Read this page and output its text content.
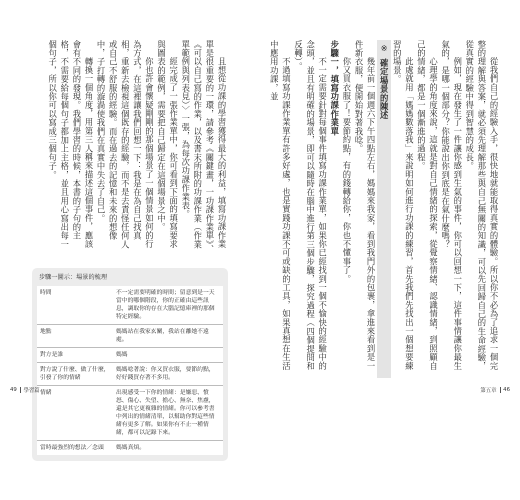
且想從功課的學習獲得最大的利益，填寫功課作業單是很重要的一環，請參考《關鍵畫，一功課作業單》、《可以自己寫的作業，以及書末所附的功課作業（作業單範例與列表見）〉一張，為每次功課作業表。

經完成了一張作業單中，你可看到下面的填寫要求與圖表的範例，需要把自己歸定在這個場景之中。

你也許會懷疑剛剛的那個場景了一個情景如何的行為方式，在這裡讓我們回想一下：我是在為自己找真相，重新去檢視這個既存的經驗，而不是去責怪任何人或自己不舒服的經驗。而在過去的記憶和未來的想像中，子打轉的漩渦使我們在真實中失去了自己。

轉換一個角度，用第三人稱來描述這個事件，應該會有不同的發現。我們學習的時候，本書的子句的主格，不需要給每個句子都加上主格，並且用心寫出每一個句子，所以你可以寫成三個句子。

步驟一圖示：場景的梳理
時間	不一定需要明確的時間；留意到是一天當中的哪個階段，你的正確由這些訊息，調取你的存在大腦記憶庫裡的那個特定經驗。
地點	媽媽站在我家玄關，我站在離她不遠處。
對方是誰	媽媽
對方說了什麼、做了什麼，引發了你的情緒	媽媽唸著說：你又買衣服，要節約點，好好錢買存著不多用。
情緒	出現感受一下你的情緒：是嫌惡、憤怒、傷心、失望、擔心、無奈、焦慮，還是其它更複雜的情緒。你可以參考書中列出的情緒清單，以幫助你對這些情緒有更多了解。如果你有不止一種情緒，都可以記錄下來。
當時最強烈的想法／念頭	媽媽真煩。
49 學習篇

從我們自己的經驗入手，很快地就能取得真實的體驗。所以你不必為了追求一個完整的理解與答案，就必須先理解那些與自己無關的知識，可以先回歸自己的生命經驗，從真實的經驗中得到智慧的成長。

例如，現在發生了一件讓你感到生氣的事件，你可以回想一下，這件事情讓你最生氣的，是哪一個部分？你能說出你到底是在氣什麼嗎？

心理學的角度來說，這就是對自己情緒的探索，從覺察情緒、認識情緒，到照顧自己的情緒，都是一個漸進的過程。

此處就用「媽媽數落我」來說明如何進行功課的練習，首先我們先找出一個想要練習的場景。

※ 確定場景的陳述

幾年前一個週六下午四點左右，媽媽來我家，看到我門外的包裹，拿進來看到是一件新衣服，便開始對著我唸。

你又買衣服了！要節約點，有的錢轉給你，你也不懂事了。

步驟一，填寫功課作業單

不一定需要針對每個事件填寫功課作業單，如果你已經找到一個不愉快的經驗中的念頭，並且有明確的場景，即可以隨時在腦中進行第三個步驟，探究過程（四個提問和反轉）。

不過填寫功課作業單有許多好處，也是實踐功課不可或缺的工具，如果真想在生活中應用功課，並

第五章 46
